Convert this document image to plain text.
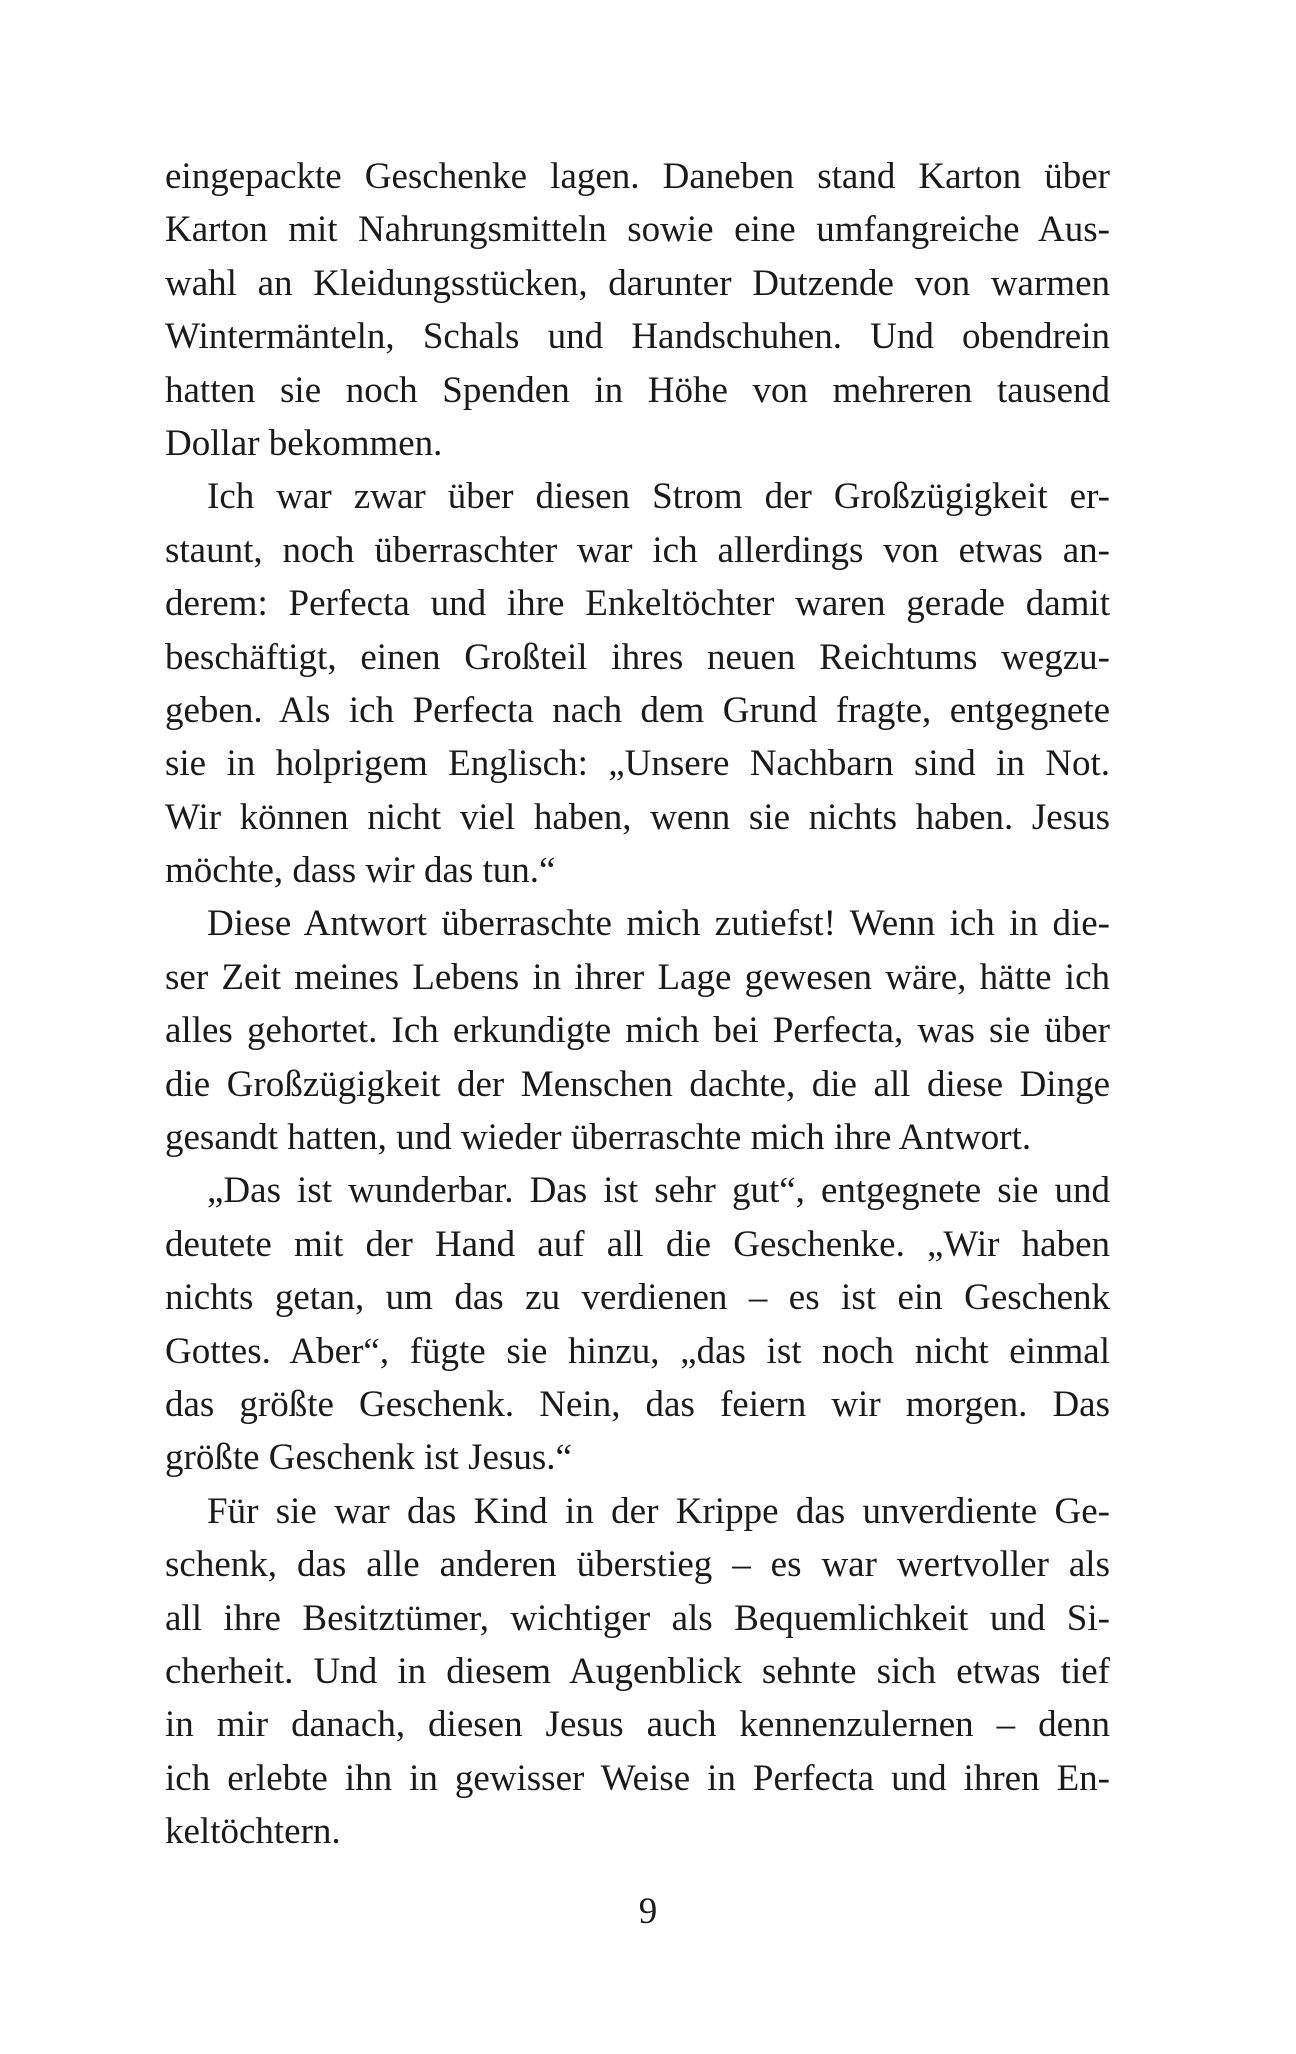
eingepackte Geschenke lagen. Daneben stand Karton über
Karton mit Nahrungsmitteln sowie eine umfangreiche Aus-
wahl an Kleidungsstücken, darunter Dutzende von warmen
Wintermänteln, Schals und Handschuhen. Und obendrein
hatten sie noch Spenden in Höhe von mehreren tausend
Dollar bekommen.
Ich war zwar über diesen Strom der Großzügigkeit er-
staunt, noch überraschter war ich allerdings von etwas an-
derem: Perfecta und ihre Enkeltöchter waren gerade damit
beschäftigt, einen Großteil ihres neuen Reichtums wegzu-
geben. Als ich Perfecta nach dem Grund fragte, entgegnete
sie in holprigem Englisch: „Unsere Nachbarn sind in Not.
Wir können nicht viel haben, wenn sie nichts haben. Jesus
möchte, dass wir das tun.“
Diese Antwort überraschte mich zutiefst! Wenn ich in die-
ser Zeit meines Lebens in ihrer Lage gewesen wäre, hätte ich
alles gehortet. Ich erkundigte mich bei Perfecta, was sie über
die Großzügigkeit der Menschen dachte, die all diese Dinge
gesandt hatten, und wieder überraschte mich ihre Antwort.
„Das ist wunderbar. Das ist sehr gut“, entgegnete sie und
deutete mit der Hand auf all die Geschenke. „Wir haben
nichts getan, um das zu verdienen – es ist ein Geschenk
Gottes. Aber“, fügte sie hinzu, „das ist noch nicht einmal
das größte Geschenk. Nein, das feiern wir morgen. Das
größte Geschenk ist Jesus.“
Für sie war das Kind in der Krippe das unverdiente Ge-
schenk, das alle anderen überstieg – es war wertvoller als
all ihre Besitztümer, wichtiger als Bequemlichkeit und Si-
cherheit. Und in diesem Augenblick sehnte sich etwas tief
in mir danach, diesen Jesus auch kennenzulernen – denn
ich erlebte ihn in gewisser Weise in Perfecta und ihren En-
keltöchtern.
9
